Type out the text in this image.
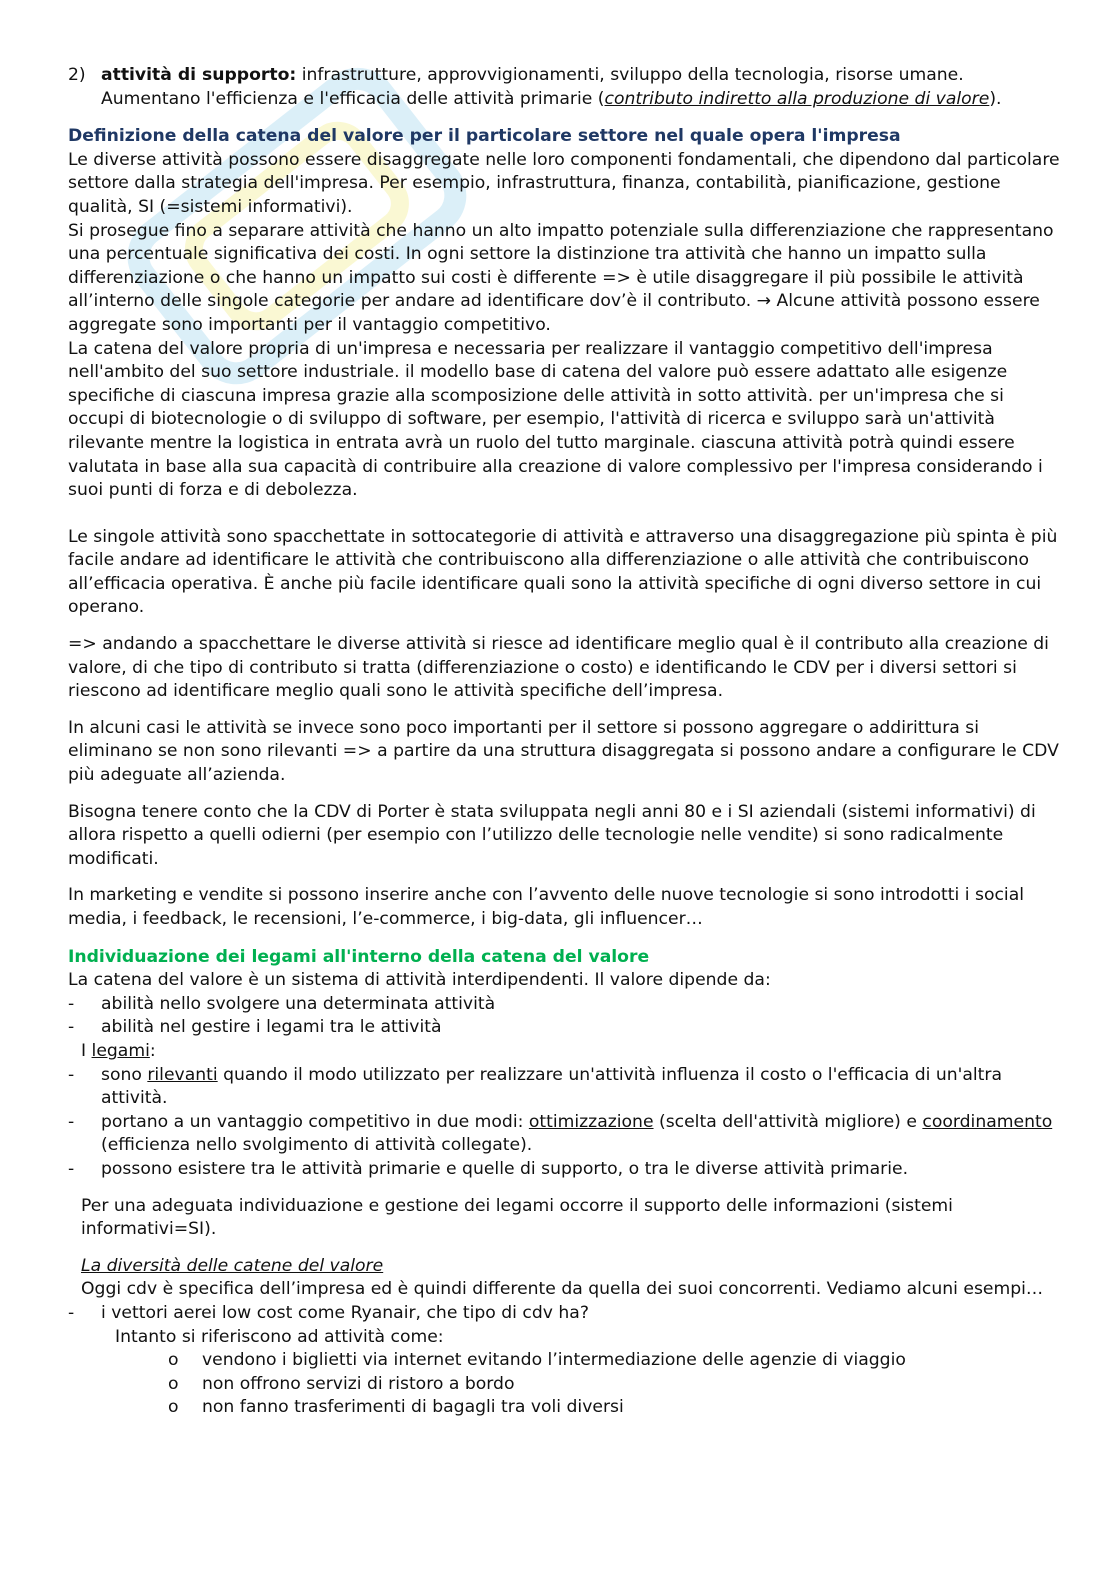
2) attività di supporto: infrastrutture, approvvigionamenti, sviluppo della tecnologia, risorse umane. Aumentano l'efficienza e l'efficacia delle attività primarie (contributo indiretto alla produzione di valore).

Definizione della catena del valore per il particolare settore nel quale opera l'impresa

Le diverse attività possono essere disaggregate nelle loro componenti fondamentali, che dipendono dal particolare settore dalla strategia dell'impresa. Per esempio, infrastruttura, finanza, contabilità, pianificazione, gestione qualità, SI (=sistemi informativi).

Si prosegue fino a separare attività che hanno un alto impatto potenziale sulla differenziazione che rappresentano una percentuale significativa dei costi. In ogni settore la distinzione tra attività che hanno un impatto sulla differenziazione o che hanno un impatto sui costi è differente => è utile disaggregare il più possibile le attività all’interno delle singole categorie per andare ad identificare dov’è il contributo. → Alcune attività possono essere aggregate sono importanti per il vantaggio competitivo.

La catena del valore propria di un'impresa e necessaria per realizzare il vantaggio competitivo dell'impresa nell'ambito del suo settore industriale. il modello base di catena del valore può essere adattato alle esigenze specifiche di ciascuna impresa grazie alla scomposizione delle attività in sotto attività. per un'impresa che si occupi di biotecnologie o di sviluppo di software, per esempio, l'attività di ricerca e sviluppo sarà un'attività rilevante mentre la logistica in entrata avrà un ruolo del tutto marginale. ciascuna attività potrà quindi essere valutata in base alla sua capacità di contribuire alla creazione di valore complessivo per l'impresa considerando i suoi punti di forza e di debolezza.

Le singole attività sono spacchettate in sottocategorie di attività e attraverso una disaggregazione più spinta è più facile andare ad identificare le attività che contribuiscono alla differenziazione o alle attività che contribuiscono all’efficacia operativa. È anche più facile identificare quali sono la attività specifiche di ogni diverso settore in cui operano.

=> andando a spacchettare le diverse attività si riesce ad identificare meglio qual è il contributo alla creazione di valore, di che tipo di contributo si tratta (differenziazione o costo) e identificando le CDV per i diversi settori si riescono ad identificare meglio quali sono le attività specifiche dell’impresa.

In alcuni casi le attività se invece sono poco importanti per il settore si possono aggregare o addirittura si eliminano se non sono rilevanti => a partire da una struttura disaggregata si possono andare a configurare le CDV più adeguate all’azienda.

Bisogna tenere conto che la CDV di Porter è stata sviluppata negli anni 80 e i SI aziendali (sistemi informativi) di allora rispetto a quelli odierni (per esempio con l’utilizzo delle tecnologie nelle vendite) si sono radicalmente modificati.

In marketing e vendite si possono inserire anche con l’avvento delle nuove tecnologie si sono introdotti i social media, i feedback, le recensioni, l’e-commerce, i big-data, gli influencer…

Individuazione dei legami all'interno della catena del valore

La catena del valore è un sistema di attività interdipendenti. Il valore dipende da:

- abilità nello svolgere una determinata attività
- abilità nel gestire i legami tra le attività

I legami:

- sono rilevanti quando il modo utilizzato per realizzare un'attività influenza il costo o l'efficacia di un'altra attività.
- portano a un vantaggio competitivo in due modi: ottimizzazione (scelta dell'attività migliore) e coordinamento (efficienza nello svolgimento di attività collegate).
- possono esistere tra le attività primarie e quelle di supporto, o tra le diverse attività primarie.

Per una adeguata individuazione e gestione dei legami occorre il supporto delle informazioni (sistemi informativi=SI).

La diversità delle catene del valore

Oggi cdv è specifica dell’impresa ed è quindi differente da quella dei suoi concorrenti. Vediamo alcuni esempi…

- i vettori aerei low cost come Ryanair, che tipo di cdv ha?

Intanto si riferiscono ad attività come:

o vendono i biglietti via internet evitando l’intermediazione delle agenzie di viaggio
o non offrono servizi di ristoro a bordo
o non fanno trasferimenti di bagagli tra voli diversi
